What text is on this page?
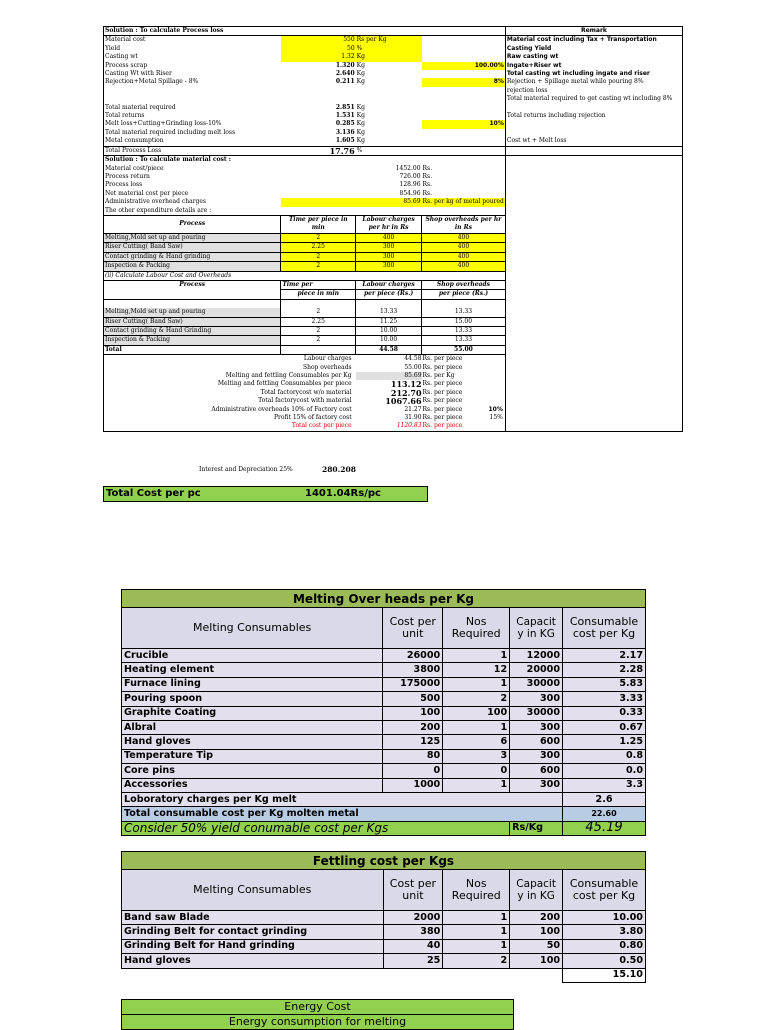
Solution : To calculate Process loss				Remark
Material cost	550	Rs per Kg		Material cost including Tax + Transportation
Yield	50	%		Casting Yield
Casting wt	1.32	Kg		Raw casting wt
Process scrap	1.320	Kg	100.00%	Ingate+Riser wt
Casting Wt with Riser	2.640	Kg		Total casting wt including ingate and riser
Rejection+Metal Spillage - 8%	0.211	Kg	8%	Rejection + Spillage metal while pouring 8%
				rejection loss
				Total material required to get casting wt including 8%
Total material required	2.851	Kg		
Total returns	1.531	Kg		Total returns including rejection
Melt loss+Cutting+Grinding loss-10%	0.285	Kg	10%	
Total material required including melt loss	3.136	Kg		
Metal consumption	1.605	Kg		Cost wt + Melt loss
Total Process Loss	17.76	%		
Solution : To calculate material cost :				
Material cost/piece		1452.00	Rs.	
Process return		726.00	Rs.	
Process loss		128.96	Rs.	
Net material cost per piece		854.96	Rs.	
Administrative overhead charges		85.69	Rs. per kg of metal poured	
The other expenditure details are :				
Process	Time per piece in min	Labour charges per hr in Rs	Shop overheads per hr in Rs	
Melting,Mold set up and pouring	2	400	400	
Riser Cutting( Band Saw)	2.25	300	400	
Contact grinding & Hand grinding	2	300	400	
Inspection & Packing	2	300	400	
(ii) Calculate Labour Cost and Overheads				
Process	Time per	Labour charges	Shop overheads	
	piece in min	per piece (Rs.)	per piece (Rs.)	

Melting,Mold set up and pouring	2	13.33	13.33	
Riser Cutting( Band Saw)	2.25	11.25	15.00	
Contact grinding & Hand Grinding	2	10.00	13.33	
Inspection & Packing	2	10.00	13.33	
Total		44.58	55.00	
Labour charges		44.58	Rs. per piece	
Shop overheads		55.00	Rs. per piece	
Melting and fettling Consumables per Kg		85.69	Rs. per Kg	
Melting and fettling Consumables per piece		113.12	Rs. per piece	
Total factorycost w/o material		212.70	Rs. per piece	
Total factorycost with material		1067.66	Rs. per piece	
Administrative overheads 10% of Factory cost		21.27	Rs. per piece 10%	

Profit 15% of factory cost		31.90	Rs. per piece 15%	

Total cost per piece		1120.83	Rs. per piece	
Total Cost per pc	1401.04Rs/pc
Melting Over heads per Kg				
Melting Consumables	Cost per unit	Nos Required	Capacit y in KG	Consumable cost per Kg
Crucible	26000	1	12000	2.17
Heating element	3800	12	20000	2.28
Furnace lining	175000	1	30000	5.83
Pouring spoon	500	2	300	3.33
Graphite Coating	100	100	30000	0.33
Albral	200	1	300	0.67
Hand gloves	125	6	600	1.25
Temperature Tip	80	3	300	0.8
Core pins	0	0	600	0.0
Accessories	1000	1	300	3.3
Loboratory charges per Kg melt				2.6
Total consumable cost per Kg molten metal				22.60
Consider 50% yield conumable cost per Kgs			Rs/Kg	45.19
Fettling cost per Kgs				
Melting Consumables	Cost per unit	Nos Required	Capacit y in KG	Consumable cost per Kg
Band saw Blade	2000	1	200	10.00
Grinding Belt for contact grinding	380	1	100	3.80
Grinding Belt for Hand grinding	40	1	50	0.80
Hand gloves	25	2	100	0.50
				15.10
Energy Cost
Energy consumption for melting
Interest and Depreciation 25%	280.208
